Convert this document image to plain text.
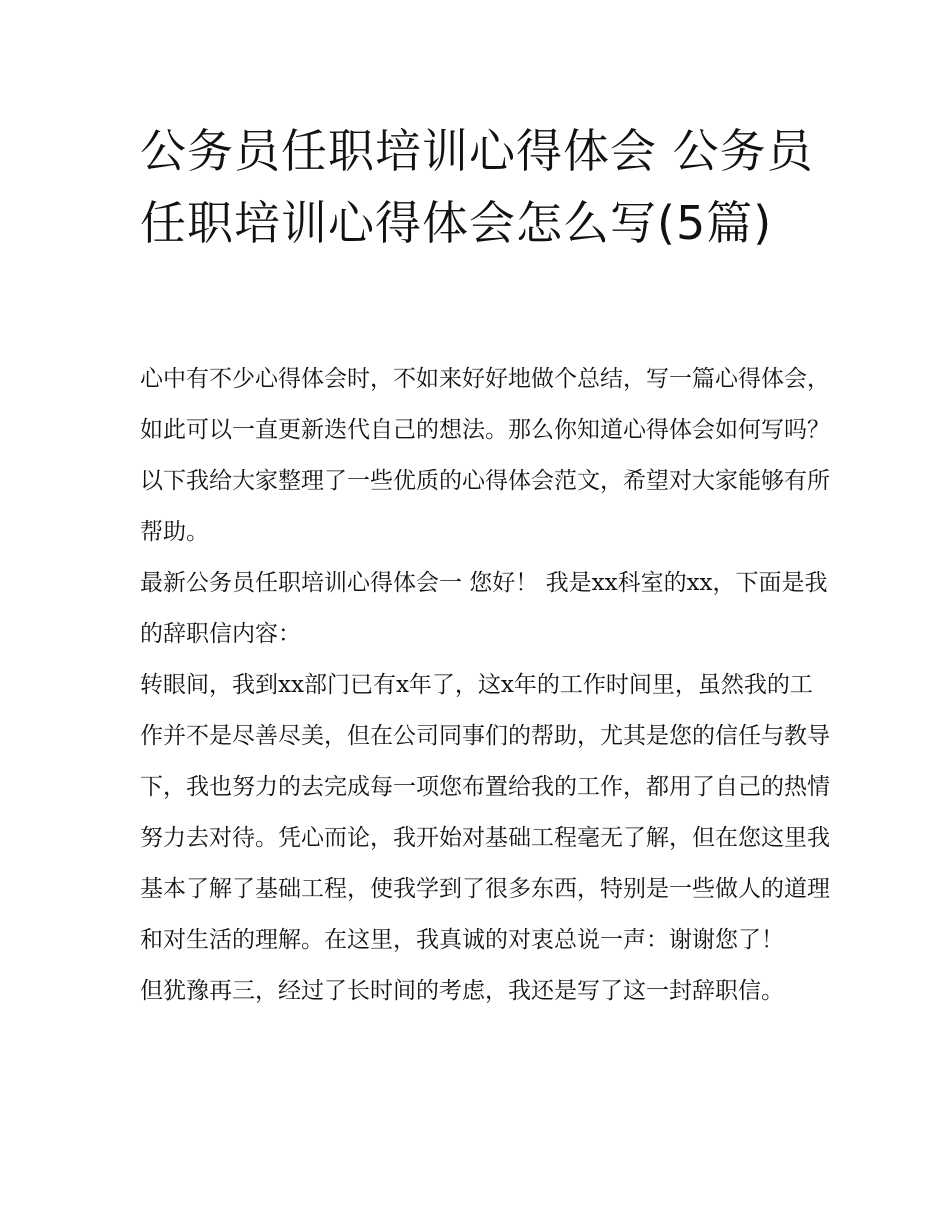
公务员任职培训心得体会 公务员任职培训心得体会怎么写(5篇)

心中有不少心得体会时，不如来好好地做个总结，写一篇心得体会，如此可以一直更新迭代自己的想法。那么你知道心得体会如何写吗？以下我给大家整理了一些优质的心得体会范文，希望对大家能够有所帮助。

最新公务员任职培训心得体会一 您好！ 我是xx科室的xx，下面是我的辞职信内容：

转眼间，我到xx部门已有x年了，这x年的工作时间里，虽然我的工作并不是尽善尽美，但在公司同事们的帮助，尤其是您的信任与教导下，我也努力的去完成每一项您布置给我的工作，都用了自己的热情努力去对待。凭心而论，我开始对基础工程毫无了解，但在您这里我基本了解了基础工程，使我学到了很多东西，特别是一些做人的道理和对生活的理解。在这里，我真诚的对衷总说一声：谢谢您了！

但犹豫再三，经过了长时间的考虑，我还是写了这一封辞职信。
